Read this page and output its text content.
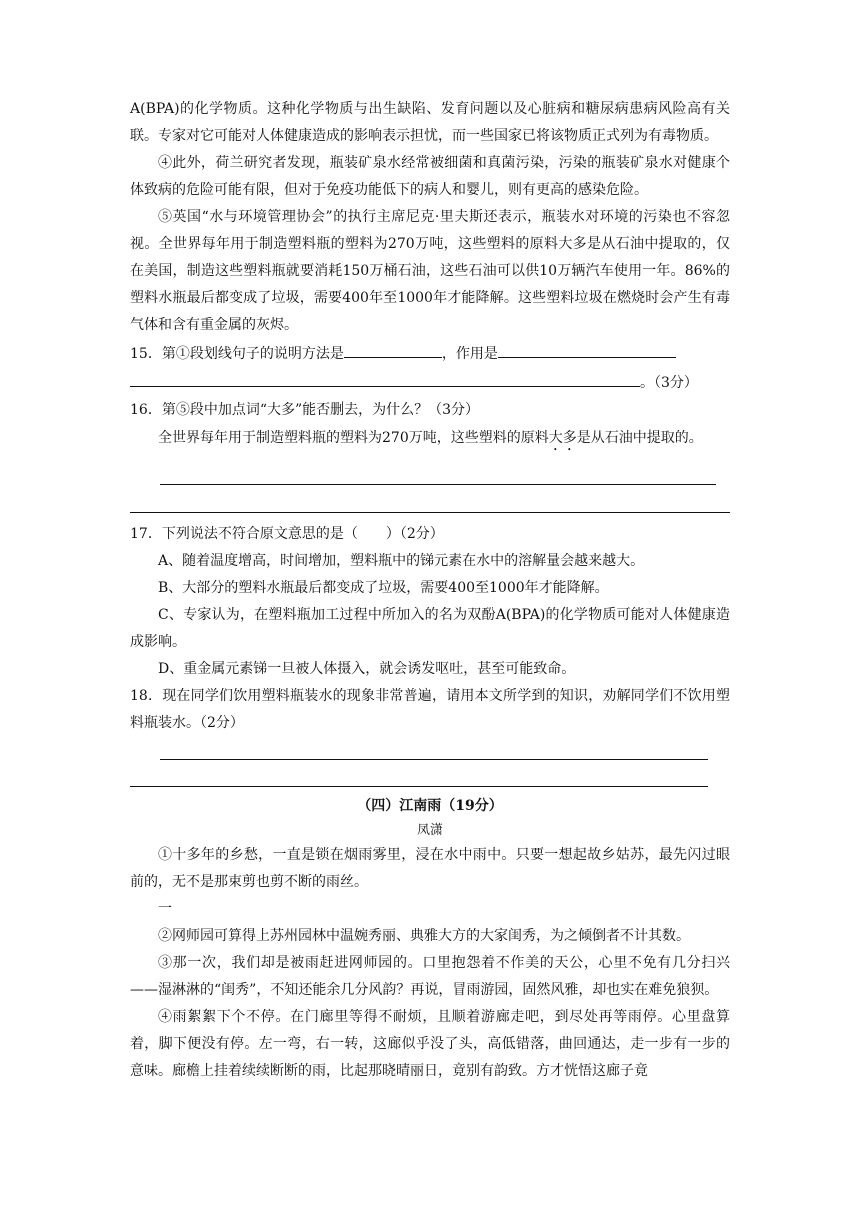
A(BPA)的化学物质。这种化学物质与出生缺陷、发育问题以及心脏病和糖尿病患病风险高有关联。专家对它可能对人体健康造成的影响表示担忧，而一些国家已将该物质正式列为有毒物质。

④此外，荷兰研究者发现，瓶装矿泉水经常被细菌和真菌污染，污染的瓶装矿泉水对健康个体致病的危险可能有限，但对于免疫功能低下的病人和婴儿，则有更高的感染危险。

⑤英国“水与环境管理协会”的执行主席尼克·里夫斯还表示，瓶装水对环境的污染也不容忽视。全世界每年用于制造塑料瓶的塑料为270万吨，这些塑料的原料大多是从石油中提取的，仅在美国，制造这些塑料瓶就要消耗150万桶石油，这些石油可以供10万辆汽车使用一年。86%的塑料水瓶最后都变成了垃圾，需要400年至1000年才能降解。这些塑料垃圾在燃烧时会产生有毒气体和含有重金属的灰烬。

15．第①段划线句子的说明方法是	，作用是

。（3分）

16．第⑤段中加点词“大多”能否删去，为什么？（3分）

全世界每年用于制造塑料瓶的塑料为270万吨，这些塑料的原料大多是从石油中提取的。

17．下列说法不符合原文意思的是（　　）（2分）

A、随着温度增高，时间增加，塑料瓶中的锑元素在水中的溶解量会越来越大。

B、大部分的塑料水瓶最后都变成了垃圾，需要400至1000年才能降解。

C、专家认为，在塑料瓶加工过程中所加入的名为双酚A(BPA)的化学物质可能对人体健康造成影响。

D、重金属元素锑一旦被人体摄入，就会诱发呕吐，甚至可能致命。

18．现在同学们饮用塑料瓶装水的现象非常普遍，请用本文所学到的知识，劝解同学们不饮用塑料瓶装水。（2分）

（四）江南雨（19分）

凤潇

①十多年的乡愁，一直是锁在烟雨雾里，浸在水中雨中。只要一想起故乡姑苏，最先闪过眼前的，无不是那束剪也剪不断的雨丝。

一

②网师园可算得上苏州园林中温婉秀丽、典雅大方的大家闺秀，为之倾倒者不计其数。

③那一次，我们却是被雨赶进网师园的。口里抱怨着不作美的天公，心里不免有几分扫兴——湿淋淋的“闺秀”，不知还能余几分风韵？再说，冒雨游园，固然风雅，却也实在难免狼狈。

④雨絮絮下个不停。在门廊里等得不耐烦，且顺着游廊走吧，到尽处再等雨停。心里盘算着，脚下便没有停。左一弯，右一转，这廊似乎没了头，高低错落，曲回通达，走一步有一步的意味。廊檐上挂着续续断断的雨，比起那晓晴丽日，竟别有韵致。方才恍悟这廊子竟
